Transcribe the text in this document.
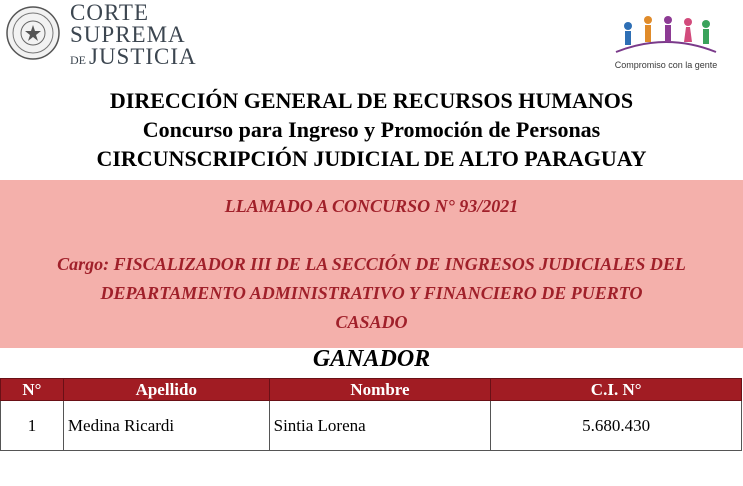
CORTE
SUPREMA
DE JUSTICIA	Compromiso con la gente
DIRECCIÓN GENERAL DE RECURSOS HUMANOS
Concurso para Ingreso y Promoción de Personas
CIRCUNSCRIPCIÓN JUDICIAL DE ALTO PARAGUAY
LLAMADO A CONCURSO N° 93/2021
Cargo: FISCALIZADOR III DE LA SECCIÓN DE INGRESOS JUDICIALES DEL
DEPARTAMENTO ADMINISTRATIVO Y FINANCIERO DE PUERTO
CASADO
GANADOR
N°	Apellido	Nombre	C.I. N°
1	Medina Ricardi	Sintia Lorena	5.680.430
